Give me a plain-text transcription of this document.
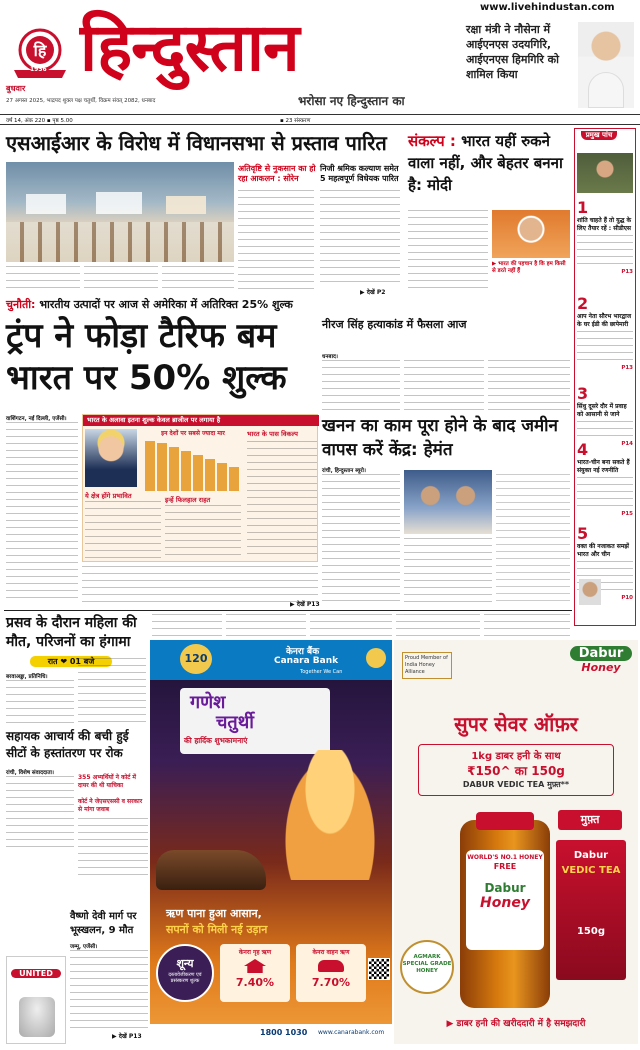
हि
1936
बुधवार
27 अगस्त 2025, भाद्रपद शुक्ल पक्ष चतुर्थी, विक्रम संवत् 2082, धनबाद
हिन्दुस्तान
भरोसा नए हिन्दुस्तान का
www.livehindustan.com
रक्षा मंत्री ने नौसेना में आईएनएस उदयगिरि, आईएनएस हिमगिरि को शामिल किया
वर्ष 14, अंक 220 ▪ पृष्ठ 5.00	▪ 23 संस्करण
एसआईआर के विरोध में विधानसभा से प्रस्ताव पारित
अतिवृष्टि से नुकसान का हो रहा आकलन : सोरेन
निजी श्रमिक कल्याण समेत 5 महत्वपूर्ण विधेयक पारित
▶ देखें P2
संकल्प : भारत यहीं रुकने वाला नहीं, और बेहतर बनना है: मोदी
▶ भारत की पहचान है कि हम किसी से डरते नहीं हैं
प्रमुख पांच
1
शांति चाहते हैं तो युद्ध के लिए तैयार रहें : सीडीएस
P13
2
आप नेता सौरभ भारद्वाज के घर ईडी की छापेमारी
P13
3
सिंधु दूसरे दौर में प्रवाह को आसानी से जाने
P14
4
भारत-चीन बना सकते हैं संयुक्त नई रणनीति
P15
5
वक्त की नजाकत समझें भारत और चीन
P10
चुनौती: भारतीय उत्पादों पर आज से अमेरिका में अतिरिक्त 25% शुल्क
ट्रंप ने फोड़ा टैरिफ बम
भारत पर 50% शुल्क
वाशिंगटन, नई दिल्ली, एजेंसी।	भारत के अलावा इतना शुल्क केवल ब्राजील पर लगाया है
इन देशों पर सबसे ज्यादा मार
ये क्षेत्र होंगे प्रभावित	इन्हें फिलहाल राहत
भारत के पास विकल्प
▶ देखें P13
नीरज सिंह हत्याकांड में फैसला आज
धनबाद।
खनन का काम पूरा होने के बाद जमीन वापस करें केंद्र: हेमंत
रांची, हिन्दुस्तान ब्यूरो।
प्रसव के दौरान महिला की मौत, परिजनों का हंगामा
रात ❤ 01 बजे
बरवाअड्डा, प्रतिनिधि।
सहायक आचार्य की बची हुई सीटों के हस्तांतरण पर रोक
रांची, विशेष संवाददाता।
355 अभ्यर्थियों ने कोर्ट में दायर की थी याचिका
कोर्ट ने जेएसएससी व सरकार से मांगा जवाब
UNITED
वैष्णो देवी मार्ग पर भूस्खलन, 9 मौत
जम्मू, एजेंसी।
▶ देखें P13
120	केनरा बैंक
Canara Bank
Together We Can
गणेश
चतुर्थी
की हार्दिक शुभकामनाएं
ऋण पाना हुआ आसान,
सपनों को मिली नई उड़ान
शून्य
दस्तावेजीकरण एवं प्रसंस्करण शुल्क
केनरा गृह ऋण
7.40%
केनरा वाहन ऋण
7.70%
1800 1030 www.canarabank.com
Proud Member of India Honey Alliance
Dabur
Honey
सुपर सेवर ऑफ़र
1kg डाबर हनी के साथ
₹150^ का 150g
DABUR VEDIC TEA मुफ़्त**
मुफ़्त
WORLD'S NO.1 HONEY
FREE
Dabur
Honey
AGMARK SPECIAL GRADE HONEY
Dabur
VEDIC TEA
150g
▶ डाबर हनी की खरीददारी में है समझदारी
